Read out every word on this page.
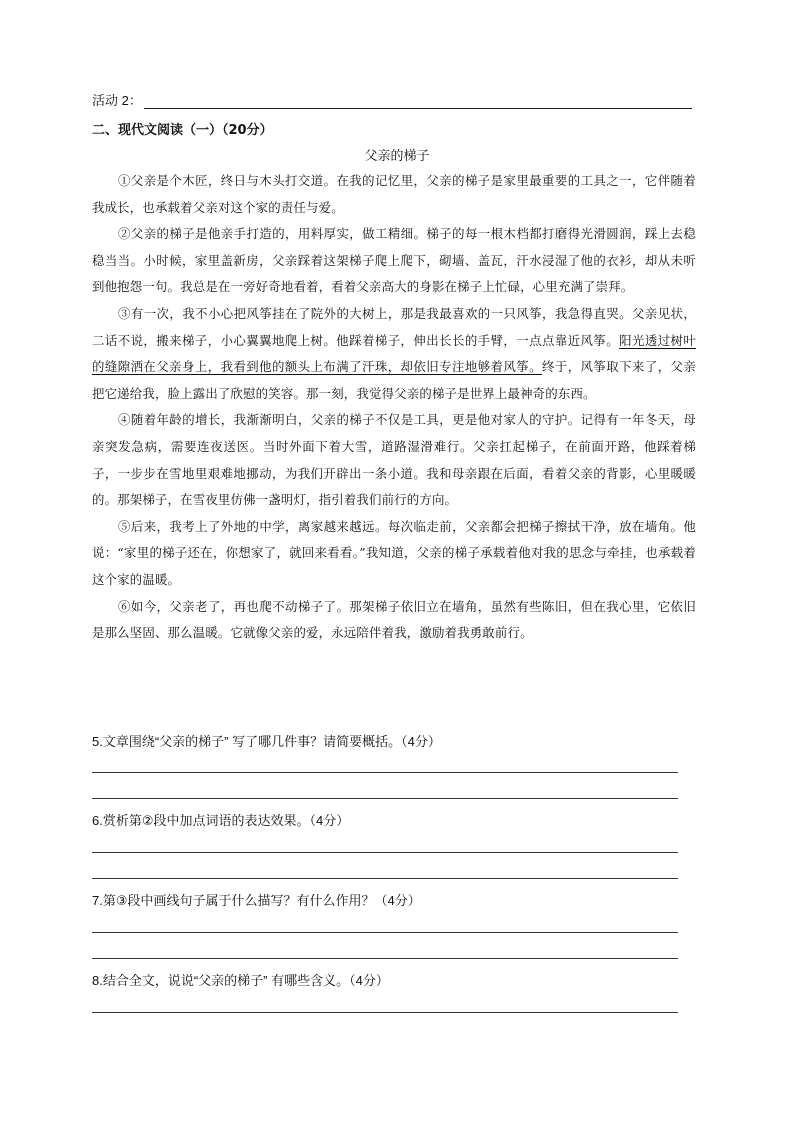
活动 2：
二、现代文阅读（一）（20分）
父亲的梯子

①父亲是个木匠，终日与木头打交道。在我的记忆里，父亲的梯子是家里最重要的工具之一，它伴随着我成长，也承载着父亲对这个家的责任与爱。

②父亲的梯子是他亲手打造的，用料厚实，做工精细。梯子的每一根木档都打磨得光滑圆润，踩上去稳稳当当。小时候，家里盖新房，父亲踩着这架梯子爬上爬下，砌墙、盖瓦，汗水浸湿了他的衣衫，却从未听到他抱怨一句。我总是在一旁好奇地看着，看着父亲高大的身影在梯子上忙碌，心里充满了崇拜。

③有一次，我不小心把风筝挂在了院外的大树上，那是我最喜欢的一只风筝，我急得直哭。父亲见状，二话不说，搬来梯子，小心翼翼地爬上树。他踩着梯子，伸出长长的手臂，一点点靠近风筝。阳光透过树叶的缝隙洒在父亲身上，我看到他的额头上布满了汗珠，却依旧专注地够着风筝。终于，风筝取下来了，父亲把它递给我，脸上露出了欣慰的笑容。那一刻，我觉得父亲的梯子是世界上最神奇的东西。

④随着年龄的增长，我渐渐明白，父亲的梯子不仅是工具，更是他对家人的守护。记得有一年冬天，母亲突发急病，需要连夜送医。当时外面下着大雪，道路湿滑难行。父亲扛起梯子，在前面开路，他踩着梯子，一步步在雪地里艰难地挪动，为我们开辟出一条小道。我和母亲跟在后面，看着父亲的背影，心里暖暖的。那架梯子，在雪夜里仿佛一盏明灯，指引着我们前行的方向。

⑤后来，我考上了外地的中学，离家越来越远。每次临走前，父亲都会把梯子擦拭干净，放在墙角。他说：“家里的梯子还在，你想家了，就回来看看。”我知道，父亲的梯子承载着他对我的思念与牵挂，也承载着这个家的温暖。

⑥如今，父亲老了，再也爬不动梯子了。那架梯子依旧立在墙角，虽然有些陈旧，但在我心里，它依旧是那么坚固、那么温暖。它就像父亲的爱，永远陪伴着我，激励着我勇敢前行。

5.文章围绕“父亲的梯子” 写了哪几件事？请简要概括。（4分）
6.赏析第②段中加点词语的表达效果。（4分）
7.第③段中画线句子属于什么描写？有什么作用？（4分）
8.结合全文，说说“父亲的梯子” 有哪些含义。（4分）
